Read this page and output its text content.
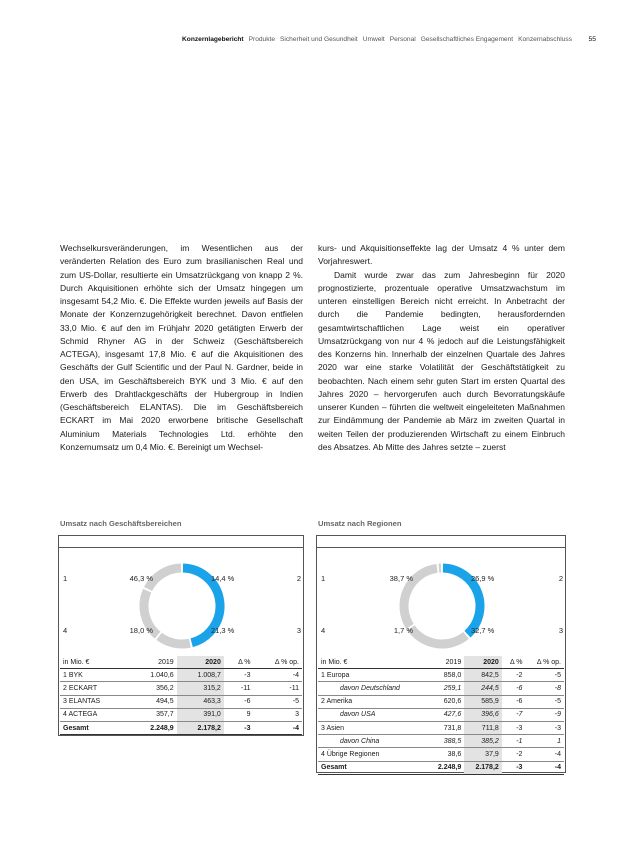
Konzernlagebericht Produkte Sicherheit und Gesundheit Umwelt Personal Gesellschaftliches Engagement Konzernabschluss 55

Wechselkursveränderungen, im Wesentlichen aus der veränderten Relation des Euro zum brasilianischen Real und zum US-Dollar, resultierte ein Umsatzrückgang von knapp 2 %. Durch Akquisitionen erhöhte sich der Umsatz hingegen um insgesamt 54,2 Mio. €. Die Effekte wurden jeweils auf Basis der Monate der Konzernzugehörigkeit berechnet. Davon entfielen 33,0 Mio. € auf den im Frühjahr 2020 getätigten Erwerb der Schmid Rhyner AG in der Schweiz (Geschäftsbereich ACTEGA), insgesamt 17,8 Mio. € auf die Akquisitionen des Geschäfts der Gulf Scientific und der Paul N. Gardner, beide in den USA, im Geschäftsbereich BYK und 3 Mio. € auf den Erwerb des Drahtlackgeschäfts der Hubergroup in Indien (Geschäftsbereich ELANTAS). Die im Geschäftsbereich ECKART im Mai 2020 erworbene britische Gesellschaft Aluminium Materials Technologies Ltd. erhöhte den Konzernumsatz um 0,4 Mio. €. Bereinigt um Wechsel-

kurs- und Akquisitionseffekte lag der Umsatz 4 % unter dem Vorjahreswert.

Damit wurde zwar das zum Jahresbeginn für 2020 prognostizierte, prozentuale operative Umsatzwachstum im unteren einstelligen Bereich nicht erreicht. In Anbetracht der durch die Pandemie bedingten, herausfordernden gesamtwirtschaftlichen Lage weist ein operativer Umsatzrückgang von nur 4 % jedoch auf die Leistungsfähigkeit des Konzerns hin. Innerhalb der einzelnen Quartale des Jahres 2020 war eine starke Volatilität der Geschäftstätigkeit zu beobachten. Nach einem sehr guten Start im ersten Quartal des Jahres 2020 – hervorgerufen auch durch Bevorratungskäufe unserer Kunden – führten die weltweit eingeleiteten Maßnahmen zur Eindämmung der Pandemie ab März im zweiten Quartal in weiten Teilen der produzierenden Wirtschaft zu einem Einbruch des Absatzes. Ab Mitte des Jahres setzte – zuerst

Umsatz nach Geschäftsbereichen	Umsatz nach Regionen
1	46,3 %	2
14,4 %
3
21,3 %
4	18,0 %
in Mio. €	2019	2020	Δ %	Δ % op.
1 BYK	1.040,6	1.008,7	-3	-4
2 ECKART	356,2	315,2	-11	-11
3 ELANTAS	494,5	463,3	-6	-5
4 ACTEGA	357,7	391,0	9	3
Gesamt	2.248,9	2.178,2	-3	-4
1	38,7 %	2
26,9 %
3
32,7 %
4	1,7 %
in Mio. €	2019	2020	Δ %	Δ % op.
1 Europa	858,0	842,5	-2	-5
davon Deutschland	259,1	244,5	-6	-8
2 Amerika	620,6	585,9	-6	-5
davon USA	427,6	396,6	-7	-9
3 Asien	731,8	711,8	-3	-3
davon China	388,5	385,2	-1	1
4 Übrige Regionen	38,6	37,9	-2	-4
Gesamt	2.248,9	2.178,2	-3	-4
